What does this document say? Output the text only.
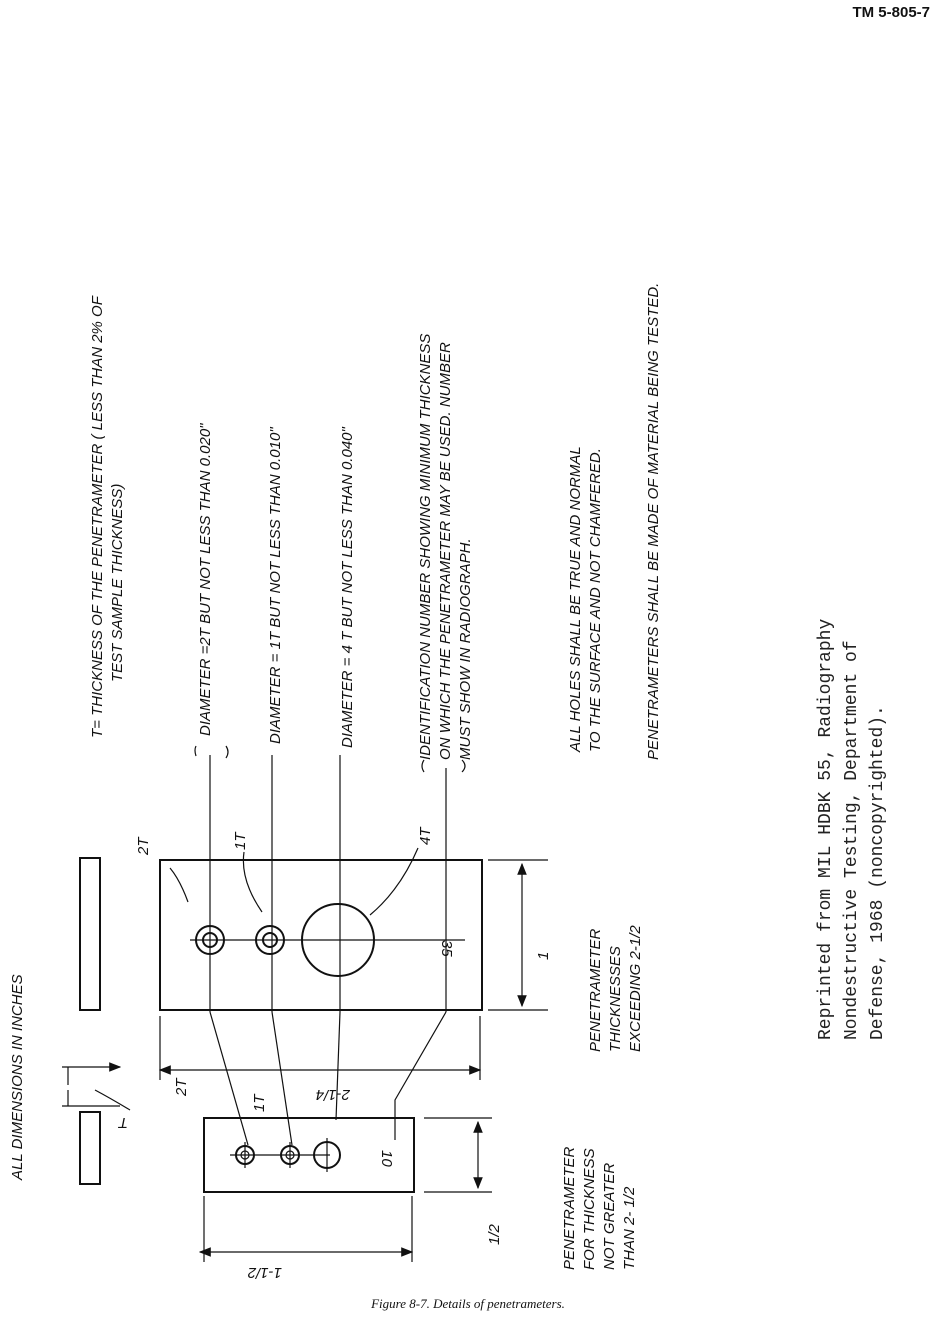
TM 5-805-7
ALL DIMENSIONS IN INCHES
T= THICKNESS OF THE PENETRAMETER ( LESS THAN 2% OF TEST SAMPLE THICKNESS)	DIAMETER =2T BUT NOT LESS THAN 0.020"	DIAMETER = 1T BUT NOT LESS THAN 0.010"	DIAMETER = 4 T BUT NOT LESS THAN 0.040"	IDENTIFICATION NUMBER SHOWING MINIMUM THICKNESS ON WHICH THE PENETRAMETER MAY BE USED. NUMBER MUST SHOW IN RADIOGRAPH.	ALL HOLES SHALL BE TRUE AND NORMAL TO THE SURFACE AND NOT CHAMFERED.	PENETRAMETERS SHALL BE MADE OF MATERIAL BEING TESTED.
PENETRAMETER THICKNESSES EXCEEDING 2-1/2
PENETRAMETER FOR THICKNESS NOT GREATER THAN 2- 1/2
Reprinted from MIL HDBK 55, Radiography Nondestructive Testing, Department of Defense, 1968 (noncopyrighted).
1/2
1
T
2T
1T
10
1-1/2
2T	1T	4T
35
2-1/4
Figure 8-7. Details of penetrameters.
